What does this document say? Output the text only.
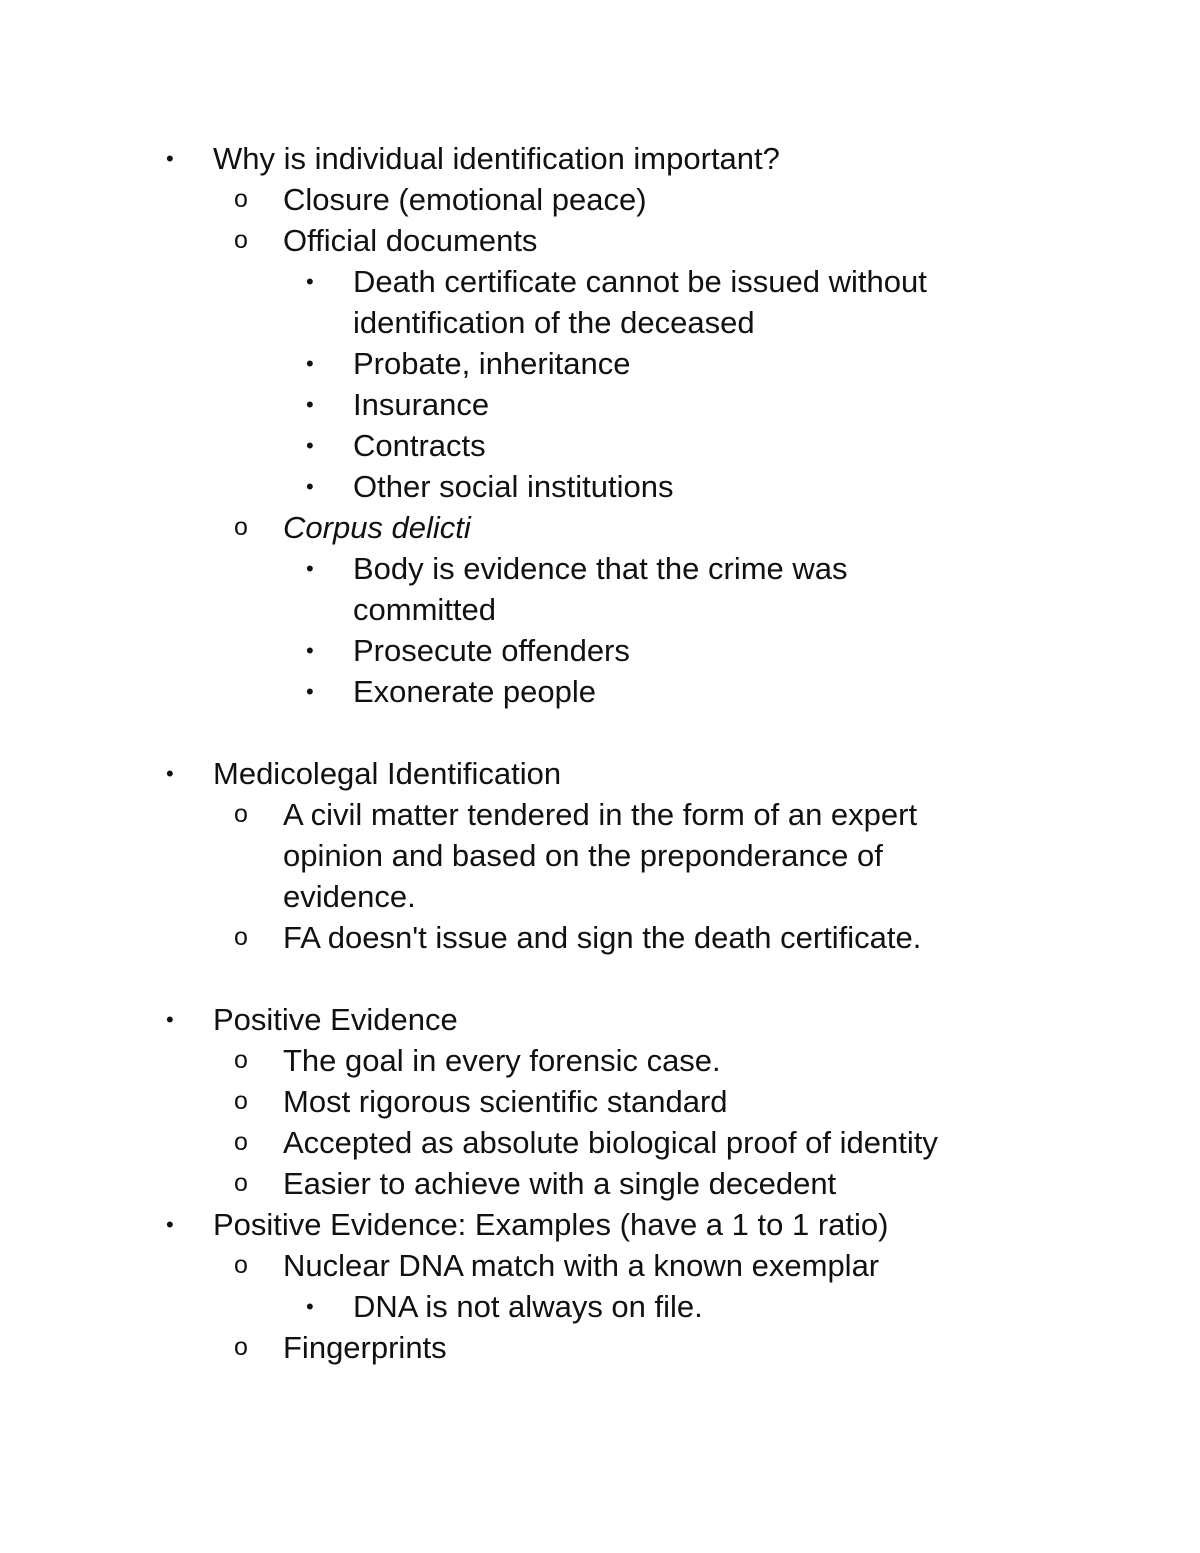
• Why is individual identification important?
o Closure (emotional peace)
o Official documents
• Death certificate cannot be issued without
identification of the deceased
• Probate, inheritance
• Insurance
• Contracts
• Other social institutions
o Corpus delicti
• Body is evidence that the crime was
committed
• Prosecute offenders
• Exonerate people
• Medicolegal Identification
o A civil matter tendered in the form of an expert
opinion and based on the preponderance of
evidence.
o FA doesn't issue and sign the death certificate.
• Positive Evidence
o The goal in every forensic case.
o Most rigorous scientific standard
o Accepted as absolute biological proof of identity
o Easier to achieve with a single decedent
• Positive Evidence: Examples (have a 1 to 1 ratio)
o Nuclear DNA match with a known exemplar
• DNA is not always on file.
o Fingerprints
